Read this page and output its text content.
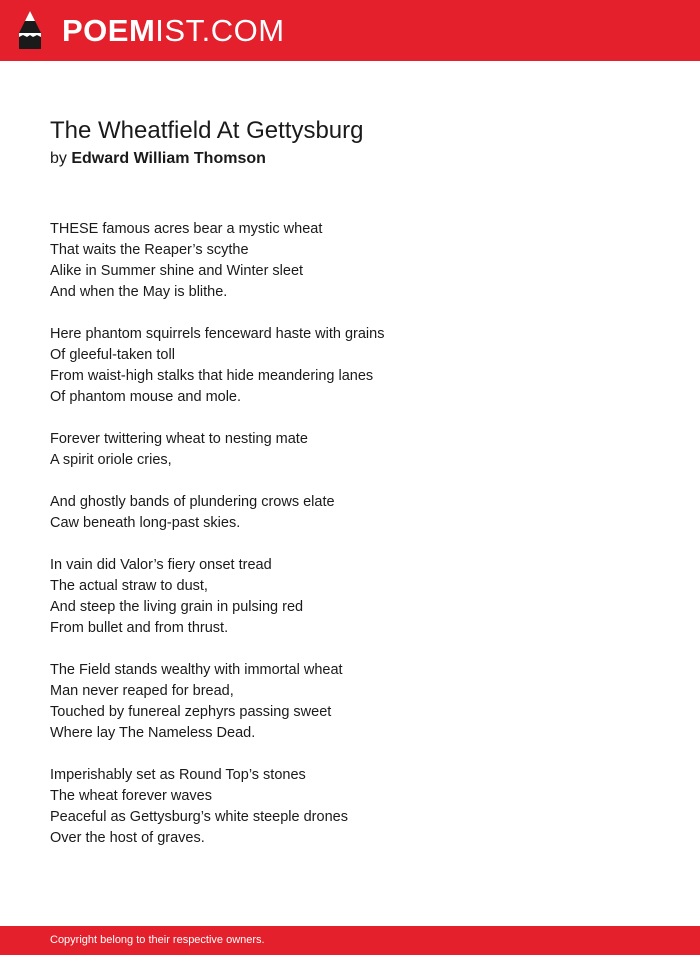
POEMIST.COM
The Wheatfield At Gettysburg
by Edward William Thomson
THESE famous acres bear a mystic wheat
That waits the Reaper’s scythe
Alike in Summer shine and Winter sleet
And when the May is blithe.
Here phantom squirrels fenceward haste with grains
Of gleeful-taken toll
From waist-high stalks that hide meandering lanes
Of phantom mouse and mole.
Forever twittering wheat to nesting mate
A spirit oriole cries,
And ghostly bands of plundering crows elate
Caw beneath long-past skies.
In vain did Valor’s fiery onset tread
The actual straw to dust,
And steep the living grain in pulsing red
From bullet and from thrust.
The Field stands wealthy with immortal wheat
Man never reaped for bread,
Touched by funereal zephyrs passing sweet
Where lay The Nameless Dead.
Imperishably set as Round Top’s stones
The wheat forever waves
Peaceful as Gettysburg’s white steeple drones
Over the host of graves.
Copyright belong to their respective owners.
